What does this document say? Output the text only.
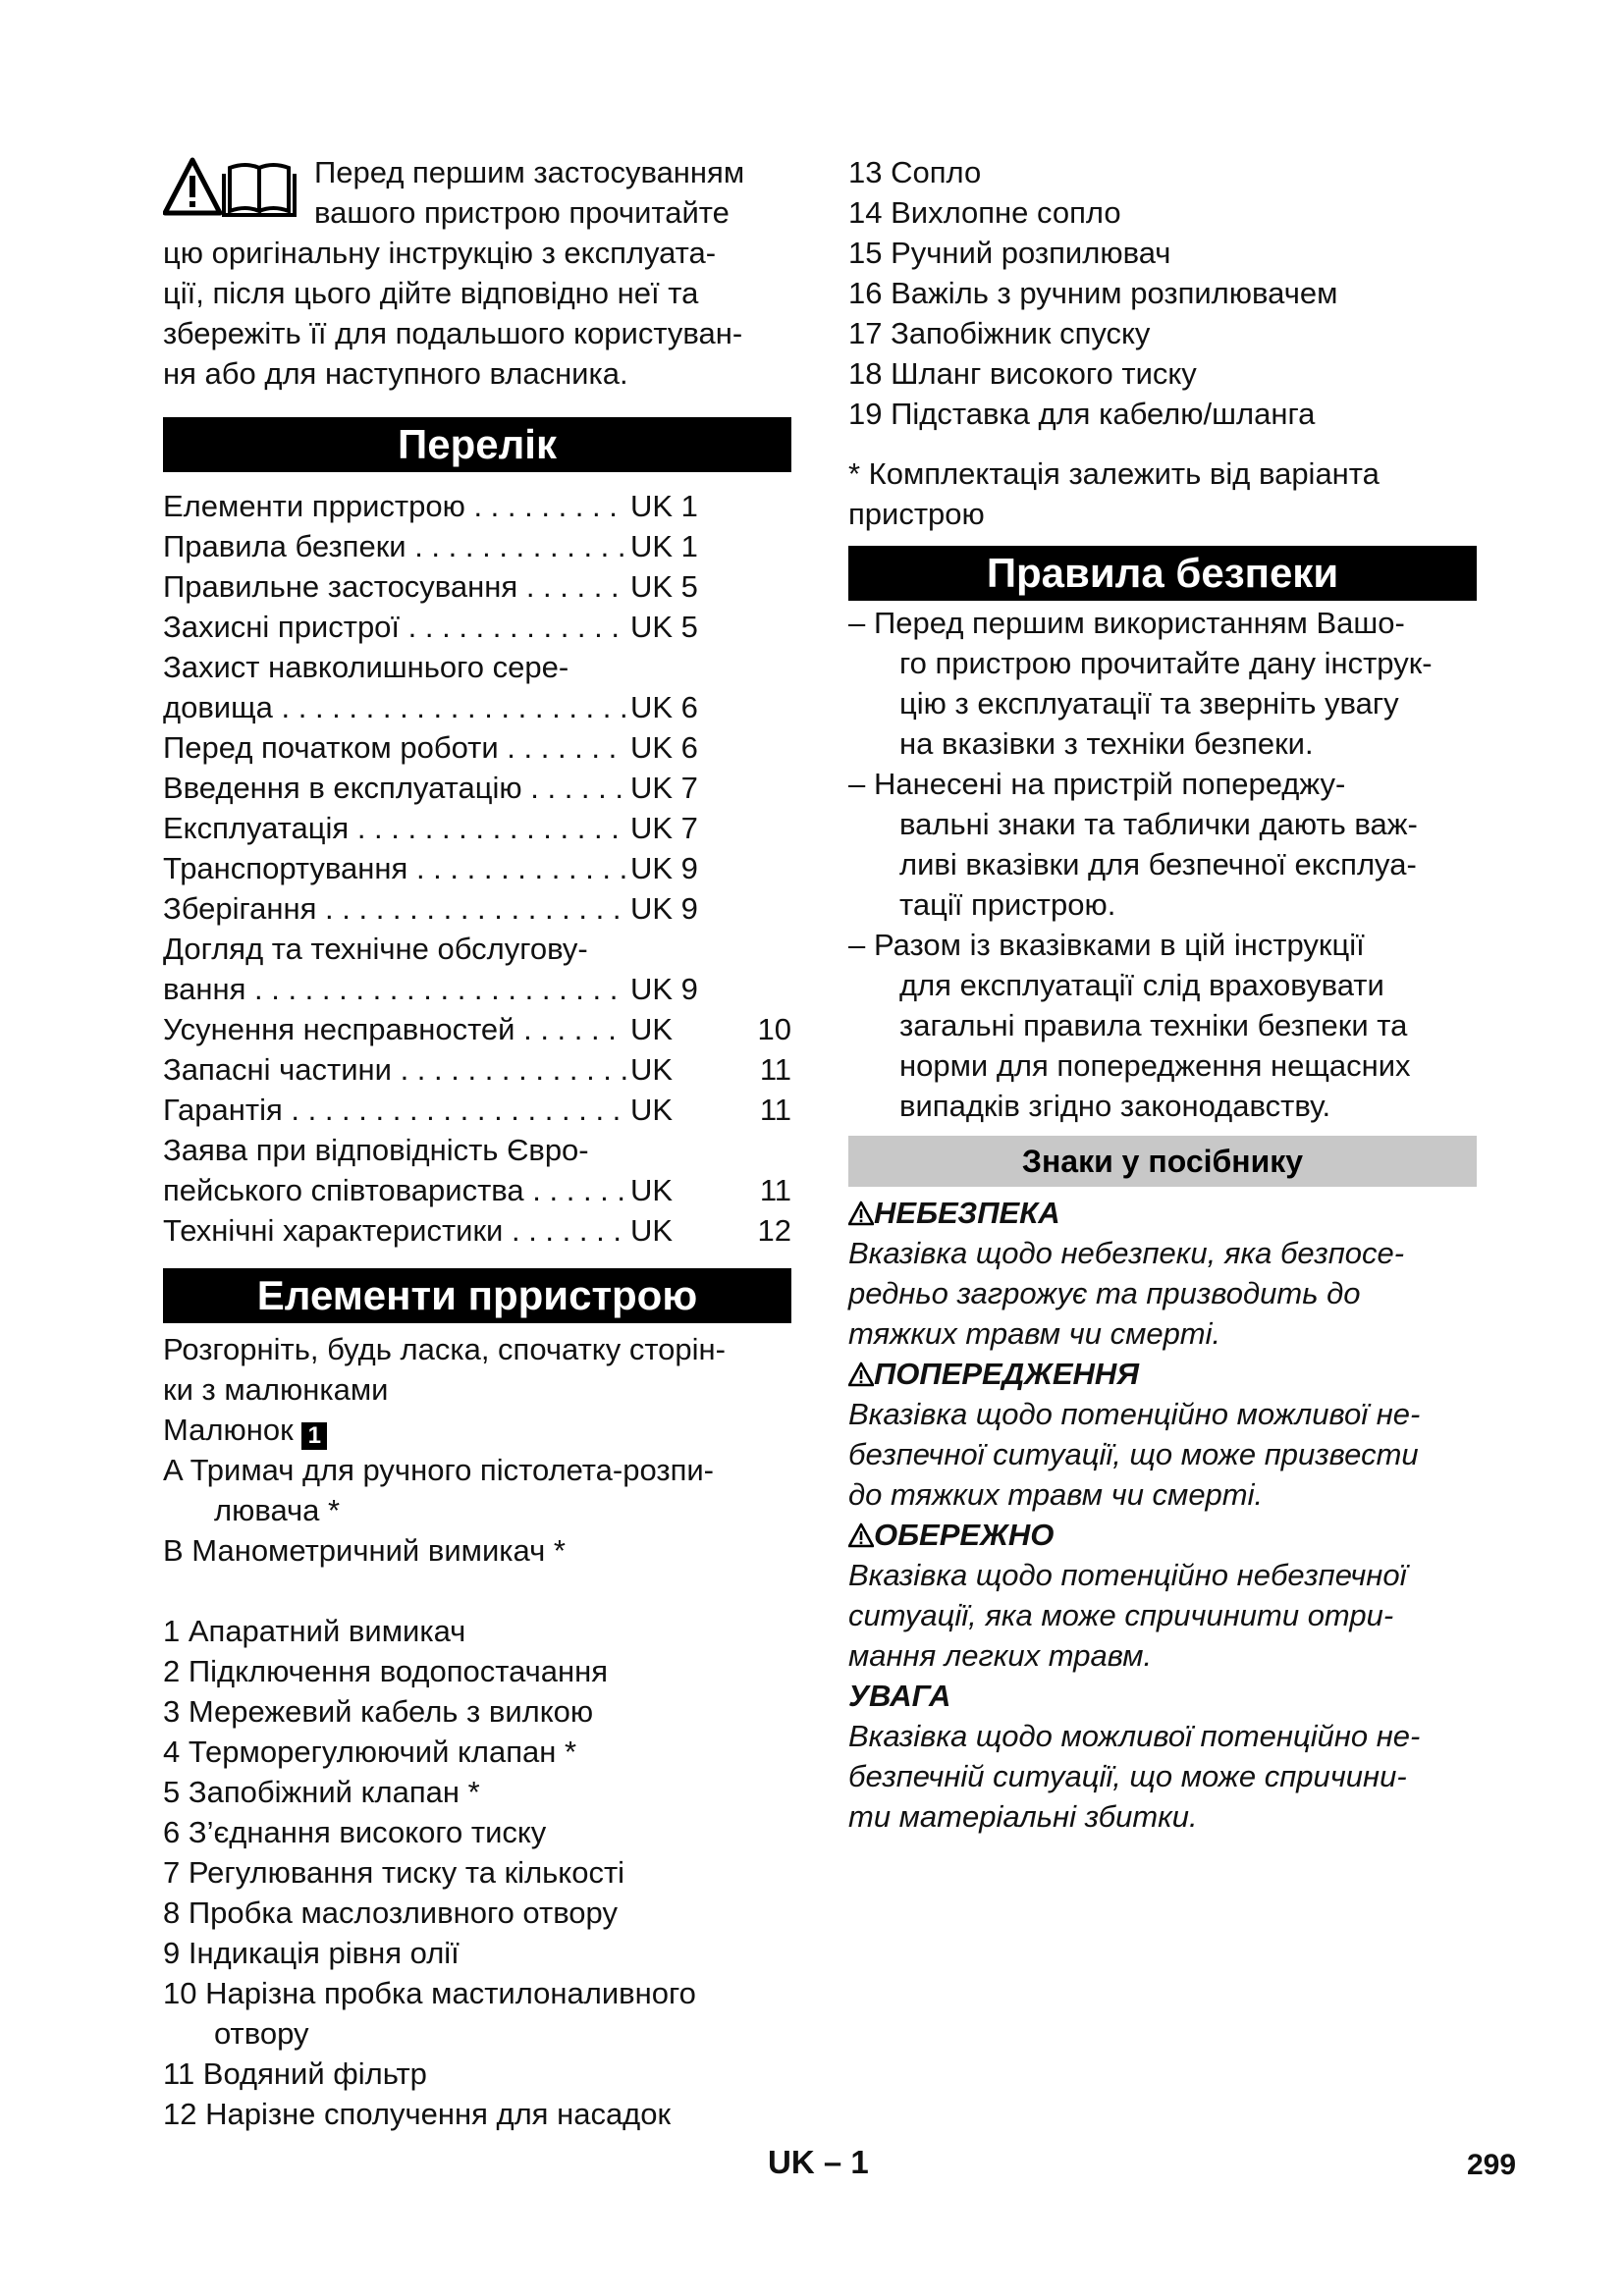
Перед першим застосуванням

вашого пристрою прочитайте

цю оригінальну інструкцію з експлуата-

ції, після цього дійте відповідно неї та

збережіть її для подальшого користуван-

ня або для наступного власника.

Перелік
Елементи прристрою . . .	UK 1
Правила безпеки . . .	UK 1
Правильне застосування . . .	UK 5
Захисні пристрої . . .	UK 5
Захист навколишнього сере-
довища . . .	UK 6
Перед початком роботи . . .	UK 6
Введення в експлуатацію . . .	UK 7
Експлуатація . . .	UK 7
Транспортування . . .	UK 9
Зберігання . . .	UK 9
Догляд та технічне обслугову-
вання . . .	UK 9
Усунення несправностей . . .	UK	10
Запасні частини . . .	UK	11
Гарантія . . .	UK	11
Заява при відповідність Євро-
пейського співтовариства . . .	UK	11
Технічні характеристики . . .	UK	12
Елементи прристрою
Розгорніть, будь ласка, спочатку сторін-
ки з малюнками
Малюнок 1
A Тримач для ручного пістолета-розпи-
лювача *
B Манометричний вимикач *
1 Апаратний вимикач
2 Підключення водопостачання
3 Мережевий кабель з вилкою
4 Терморегулюючий клапан *
5 Запобіжний клапан *
6 З’єднання високого тиску
7 Регулювання тиску та кількості
8 Пробка маслозливного отвору
9 Індикація рівня олії
10 Нарізна пробка мастилоналивного
отвору
11 Водяний фільтр
12 Нарізне сполучення для насадок
13 Сопло
14 Вихлопне сопло
15 Ручний розпилювач
16 Важіль з ручним розпилювачем
17 Запобіжник спуску
18 Шланг високого тиску
19 Підставка для кабелю/шланга
* Комплектація залежить від варіанта
пристрою
Правила безпеки
– Перед першим використанням Вашо-
го пристрою прочитайте дану інструк-
цію з експлуатації та зверніть увагу
на вказівки з техніки безпеки.
– Нанесені на пристрій попереджу-
вальні знаки та таблички дають важ-
ливі вказівки для безпечної експлуа-
тації пристрою.
– Разом із вказівками в цій інструкції
для експлуатації слід враховувати
загальні правила техніки безпеки та
норми для попередження нещасних
випадків згідно законодавству.
Знаки у посібнику
НЕБЕЗПЕКА
Вказівка щодо небезпеки, яка безпосе-
редньо загрожує та призводить до
тяжких травм чи смерті.
ПОПЕРЕДЖЕННЯ
Вказівка щодо потенційно можливої не-
безпечної ситуації, що може призвести
до тяжких травм чи смерті.
ОБЕРЕЖНО
Вказівка щодо потенційно небезпечної
ситуації, яка може спричинити отри-
мання легких травм.
УВАГА
Вказівка щодо можливої потенційно не-
безпечній ситуації, що може спричини-
ти матеріальні збитки.
UK – 1	299
